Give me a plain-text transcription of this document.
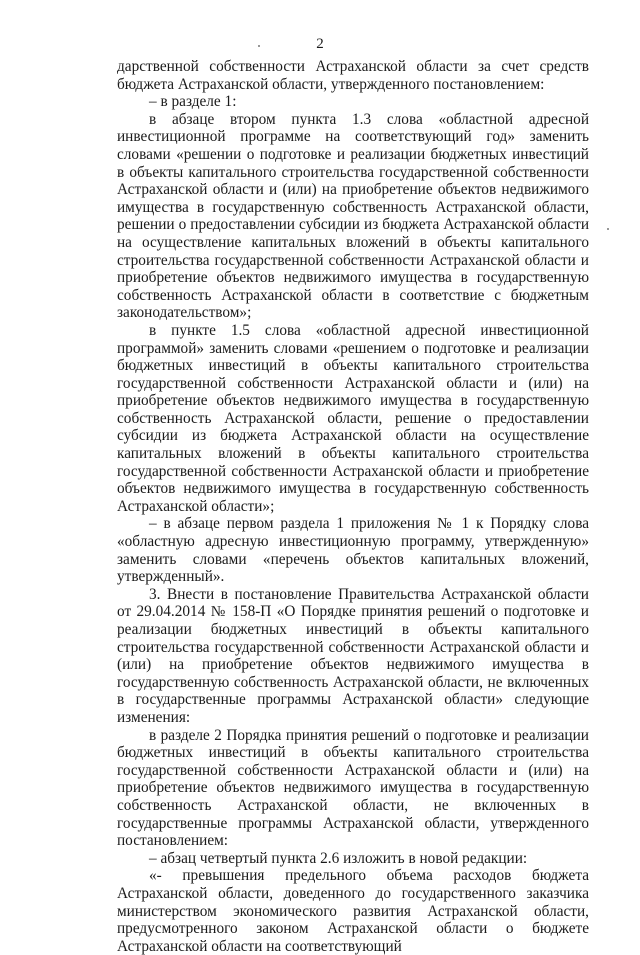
2

дарственной собственности Астраханской области за счет средств бюджета Астраханской области, утвержденного постановлением:

– в разделе 1:

в абзаце втором пункта 1.3 слова «областной адресной инвестиционной программе на соответствующий год» заменить словами «решении о подготовке и реализации бюджетных инвестиций в объекты капитального строительства государственной собственности Астраханской области и (или) на приобретение объектов недвижимого имущества в государственную собственность Астраханской области, решении о предоставлении субсидии из бюджета Астраханской области на осуществление капитальных вложений в объекты капитального строительства государственной собственности Астраханской области и приобретение объектов недвижимого имущества в государственную собственность Астраханской области в соответствие с бюджетным законодательством»;

в пункте 1.5 слова «областной адресной инвестиционной программой» заменить словами «решением о подготовке и реализации бюджетных инвестиций в объекты капитального строительства государственной собственности Астраханской области и (или) на приобретение объектов недвижимого имущества в государственную собственность Астраханской области, решение о предоставлении субсидии из бюджета Астраханской области на осуществление капитальных вложений в объекты капитального строительства государственной собственности Астраханской области и приобретение объектов недвижимого имущества в государственную собственность Астраханской области»;

– в абзаце первом раздела 1 приложения № 1 к Порядку слова «областную адресную инвестиционную программу, утвержденную» заменить словами «перечень объектов капитальных вложений, утвержденный».

3. Внести в постановление Правительства Астраханской области от 29.04.2014 № 158-П «О Порядке принятия решений о подготовке и реализации бюджетных инвестиций в объекты капитального строительства государственной собственности Астраханской области и (или) на приобретение объектов недвижимого имущества в государственную собственность Астраханской области, не включенных в государственные программы Астраханской области» следующие изменения:

в разделе 2 Порядка принятия решений о подготовке и реализации бюджетных инвестиций в объекты капитального строительства государственной собственности Астраханской области и (или) на приобретение объектов недвижимого имущества в государственную собственность Астраханской области, не включенных в государственные программы Астраханской области, утвержденного постановлением:

– абзац четвертый пункта 2.6 изложить в новой редакции:

«- превышения предельного объема расходов бюджета Астраханской области, доведенного до государственного заказчика министерством экономического развития Астраханской области, предусмотренного законом Астраханской области о бюджете Астраханской области на соответствующий
